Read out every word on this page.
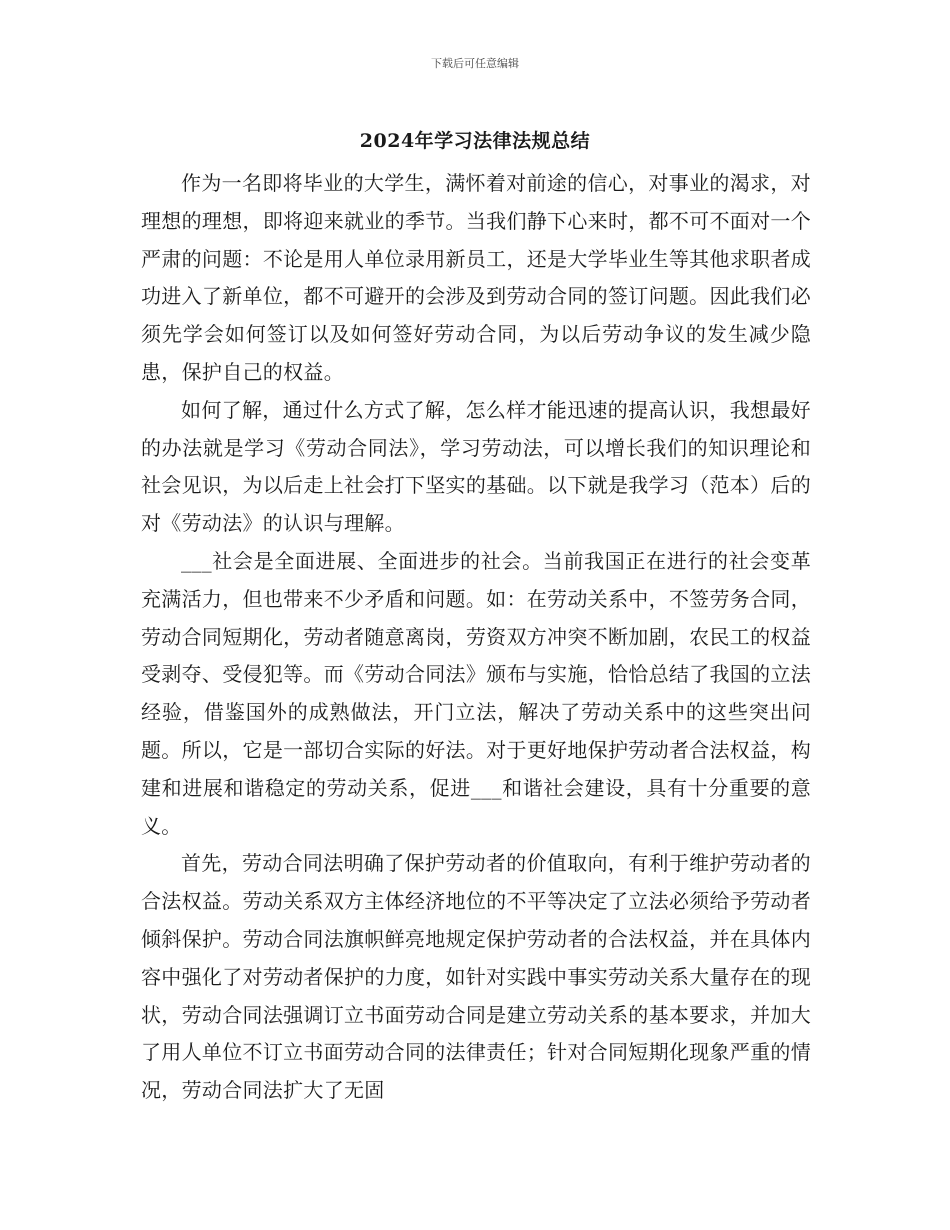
下载后可任意编辑
2024年学习法律法规总结

作为一名即将毕业的大学生，满怀着对前途的信心，对事业的渴求，对理想的理想，即将迎来就业的季节。当我们静下心来时，都不可不面对一个严肃的问题：不论是用人单位录用新员工，还是大学毕业生等其他求职者成功进入了新单位，都不可避开的会涉及到劳动合同的签订问题。因此我们必须先学会如何签订以及如何签好劳动合同，为以后劳动争议的发生减少隐患，保护自己的权益。

如何了解，通过什么方式了解，怎么样才能迅速的提高认识，我想最好的办法就是学习《劳动合同法》，学习劳动法，可以增长我们的知识理论和社会见识，为以后走上社会打下坚实的基础。以下就是我学习（范本）后的对《劳动法》的认识与理解。

___社会是全面进展、全面进步的社会。当前我国正在进行的社会变革充满活力，但也带来不少矛盾和问题。如：在劳动关系中，不签劳务合同，劳动合同短期化，劳动者随意离岗，劳资双方冲突不断加剧，农民工的权益受剥夺、受侵犯等。而《劳动合同法》颁布与实施，恰恰总结了我国的立法经验，借鉴国外的成熟做法，开门立法，解决了劳动关系中的这些突出问题。所以，它是一部切合实际的好法。对于更好地保护劳动者合法权益，构建和进展和谐稳定的劳动关系，促进___和谐社会建设，具有十分重要的意义。

首先，劳动合同法明确了保护劳动者的价值取向，有利于维护劳动者的合法权益。劳动关系双方主体经济地位的不平等决定了立法必须给予劳动者倾斜保护。劳动合同法旗帜鲜亮地规定保护劳动者的合法权益，并在具体内容中强化了对劳动者保护的力度，如针对实践中事实劳动关系大量存在的现状，劳动合同法强调订立书面劳动合同是建立劳动关系的基本要求，并加大了用人单位不订立书面劳动合同的法律责任；针对合同短期化现象严重的情况，劳动合同法扩大了无固
